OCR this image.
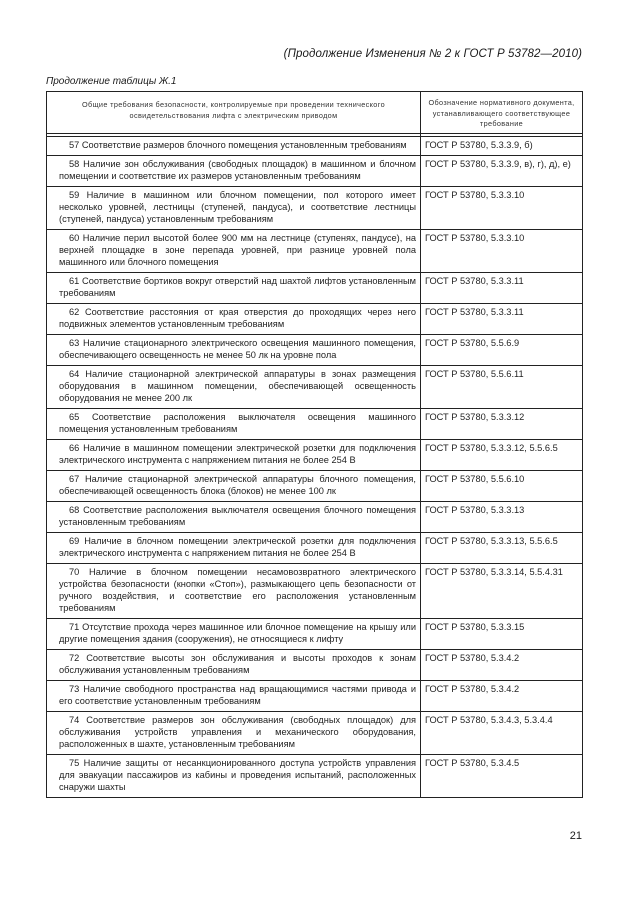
(Продолжение Изменения № 2 к ГОСТ Р 53782—2010)
Продолжение таблицы Ж.1
Общие требования безопасности, контролируемые при проведении технического освидетельствования лифта с электрическим приводом	Обозначение нормативного документа, устанавливающего соответствующее требование

57 Соответствие размеров блочного помещения установленным требованиям	ГОСТ Р 53780, 5.3.3.9, б)
58 Наличие зон обслуживания (свободных площадок) в машинном и блочном помещении и соответствие их размеров установленным требованиям	ГОСТ Р 53780, 5.3.3.9, в), г), д), е)
59 Наличие в машинном или блочном помещении, пол которого имеет несколько уровней, лестницы (ступеней, пандуса), и соответствие лестницы (ступеней, пандуса) установленным требованиям	ГОСТ Р 53780, 5.3.3.10
60 Наличие перил высотой более 900 мм на лестнице (ступенях, пандусе), на верхней площадке в зоне перепада уровней, при разнице уровней пола машинного или блочного помещения	ГОСТ Р 53780, 5.3.3.10
61 Соответствие бортиков вокруг отверстий над шахтой лифтов установленным требованиям	ГОСТ Р 53780, 5.3.3.11
62 Соответствие расстояния от края отверстия до проходящих через него подвижных элементов установленным требованиям	ГОСТ Р 53780, 5.3.3.11
63 Наличие стационарного электрического освещения машинного помещения, обеспечивающего освещенность не менее 50 лк на уровне пола	ГОСТ Р 53780, 5.5.6.9
64 Наличие стационарной электрической аппаратуры в зонах размещения оборудования в машинном помещении, обеспечивающей освещенность оборудования не менее 200 лк	ГОСТ Р 53780, 5.5.6.11
65 Соответствие расположения выключателя освещения машинного помещения установленным требованиям	ГОСТ Р 53780, 5.3.3.12
66 Наличие в машинном помещении электрической розетки для подключения электрического инструмента с напряжением питания не более 254 В	ГОСТ Р 53780, 5.3.3.12, 5.5.6.5
67 Наличие стационарной электрической аппаратуры блочного помещения, обеспечивающей освещенность блока (блоков) не менее 100 лк	ГОСТ Р 53780, 5.5.6.10
68 Соответствие расположения выключателя освещения блочного помещения установленным требованиям	ГОСТ Р 53780, 5.3.3.13
69 Наличие в блочном помещении электрической розетки для подключения электрического инструмента с напряжением питания не более 254 В	ГОСТ Р 53780, 5.3.3.13, 5.5.6.5
70 Наличие в блочном помещении несамовозвратного электрического устройства безопасности (кнопки «Стоп»), размыкающего цепь безопасности от ручного воздействия, и соответствие его расположения установленным требованиям	ГОСТ Р 53780, 5.3.3.14, 5.5.4.31
71 Отсутствие прохода через машинное или блочное помещение на крышу или другие помещения здания (сооружения), не относящиеся к лифту	ГОСТ Р 53780, 5.3.3.15
72 Соответствие высоты зон обслуживания и высоты проходов к зонам обслуживания установленным требованиям	ГОСТ Р 53780, 5.3.4.2
73 Наличие свободного пространства над вращающимися частями привода и его соответствие установленным требованиям	ГОСТ Р 53780, 5.3.4.2
74 Соответствие размеров зон обслуживания (свободных площадок) для обслуживания устройств управления и механического оборудования, расположенных в шахте, установленным требованиям	ГОСТ Р 53780, 5.3.4.3, 5.3.4.4
75 Наличие защиты от несанкционированного доступа устройств управления для эвакуации пассажиров из кабины и проведения испытаний, расположенных снаружи шахты	ГОСТ Р 53780, 5.3.4.5
21
